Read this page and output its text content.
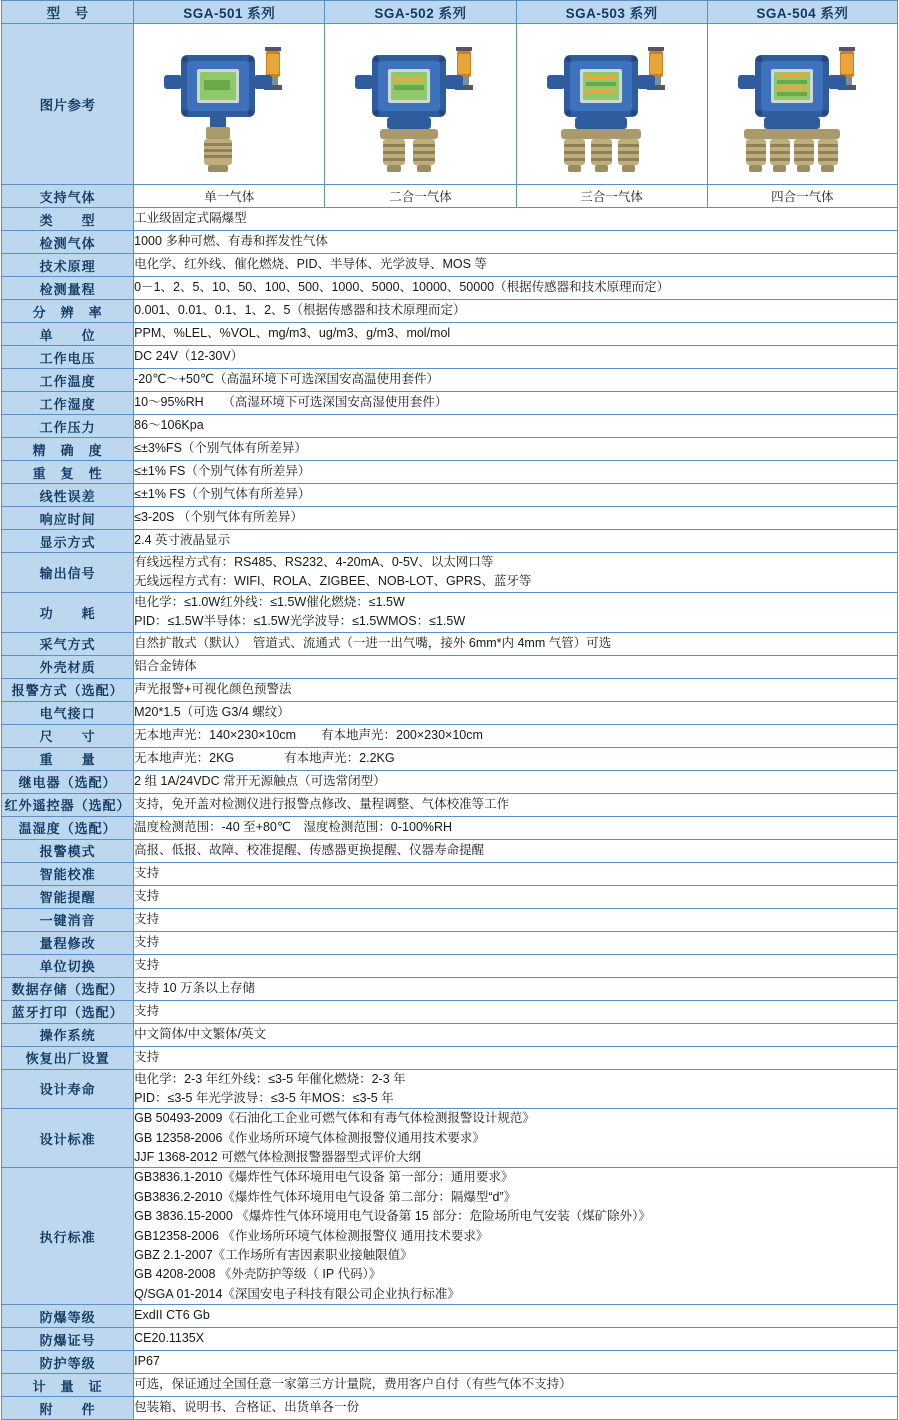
型　号	SGA-501 系列	SGA-502 系列	SGA-503 系列	SGA-504 系列
图片参考	

支持气体	单一气体	二合一气体	三合一气体	四合一气体
类　　型	工业级固定式隔爆型			
检测气体	1000 多种可燃、有毒和挥发性气体			
技术原理	电化学、红外线、催化燃烧、PID、半导体、光学波导、MOS 等			
检测量程	0－1、2、5、10、50、100、500、1000、5000、10000、50000（根据传感器和技术原理而定）			
分　辨　率	0.001、0.01、0.1、1、2、5（根据传感器和技术原理而定）			
单　　位	PPM、%LEL、%VOL、mg/m3、ug/m3、g/m3、mol/mol			
工作电压	DC 24V（12-30V）			
工作温度	-20℃～+50℃（高温环境下可选深国安高温使用套件）			
工作湿度	10～95%RH　　（高湿环境下可选深国安高湿使用套件）			
工作压力	86～106Kpa			
精　确　度	≤±3%FS（个别气体有所差异）			
重　复　性	≤±1% FS（个别气体有所差异）			
线性误差	≤±1% FS（个别气体有所差异）			
响应时间	≤3-20S （个别气体有所差异）			
显示方式	2.4 英寸液晶显示			
输出信号	有线远程方式有：RS485、RS232、4-20mA、0-5V、以太网口等
无线远程方式有：WIFI、ROLA、ZIGBEE、NOB-LOT、GPRS、蓝牙等			

功　　耗	电化学：≤1.0W红外线：≤1.5W催化燃烧：≤1.5W
PID：≤1.5W半导体：≤1.5W光学波导：≤1.5WMOS：≤1.5W			

采气方式	自然扩散式（默认）　管道式、流通式（一进一出气嘴，接外 6mm*内 4mm 气管）可选			
外壳材质	铝合金铸体			
报警方式（选配）	声光报警+可视化颜色预警法			
电气接口	M20*1.5（可选 G3/4 螺纹）			
尺　　寸	无本地声光：140×230×10cm　　有本地声光：200×230×10cm			
重　　量	无本地声光：2KG　　　　有本地声光：2.2KG			
继电器（选配）	2 组 1A/24VDC 常开无源触点（可选常闭型）			
红外遥控器（选配）	支持，免开盖对检测仪进行报警点修改、量程调整、气体校准等工作			
温湿度（选配）	温度检测范围：-40 至+80℃　湿度检测范围：0-100%RH			
报警模式	高报、低报、故障、校准提醒、传感器更换提醒、仪器寿命提醒			
智能校准	支持			
智能提醒	支持			
一键消音	支持			
量程修改	支持			
单位切换	支持			
数据存储（选配）	支持 10 万条以上存储			
蓝牙打印（选配）	支持			
操作系统	中文简体/中文繁体/英文			
恢复出厂设置	支持			
设计寿命	电化学：2-3 年红外线：≤3-5 年催化燃烧：2-3 年
PID：≤3-5 年光学波导：≤3-5 年MOS：≤3-5 年			

设计标准	GB 50493-2009《石油化工企业可燃气体和有毒气体检测报警设计规范》
GB 12358-2006《作业场所环境气体检测报警仪通用技术要求》
JJF 1368-2012 可燃气体检测报警器器型式评价大纲			

执行标准	
GB3836.1-2010《爆炸性气体环境用电气设备 第一部分：通用要求》
GB3836.2-2010《爆炸性气体环境用电气设备 第二部分：隔爆型“d”》
GB 3836.15-2000 《爆炸性气体环境用电气设备第 15 部分：危险场所电气安装（煤矿除外）》
GB12358-2006 《作业场所环境气体检测报警仪 通用技术要求》
GBZ 2.1-2007《工作场所有害因素职业接触限值》
GB 4208-2008 《外壳防护等级（ IP 代码）》
Q/SGA 01-2014《深国安电子科技有限公司企业执行标准》

防爆等级	ExdII CT6 Gb			
防爆证号	CE20.1135X			
防护等级	IP67			
计　量　证	可选，保证通过全国任意一家第三方计量院，费用客户自付（有些气体不支持）			
附　　件	包装箱、说明书、合格证、出货单各一份			
